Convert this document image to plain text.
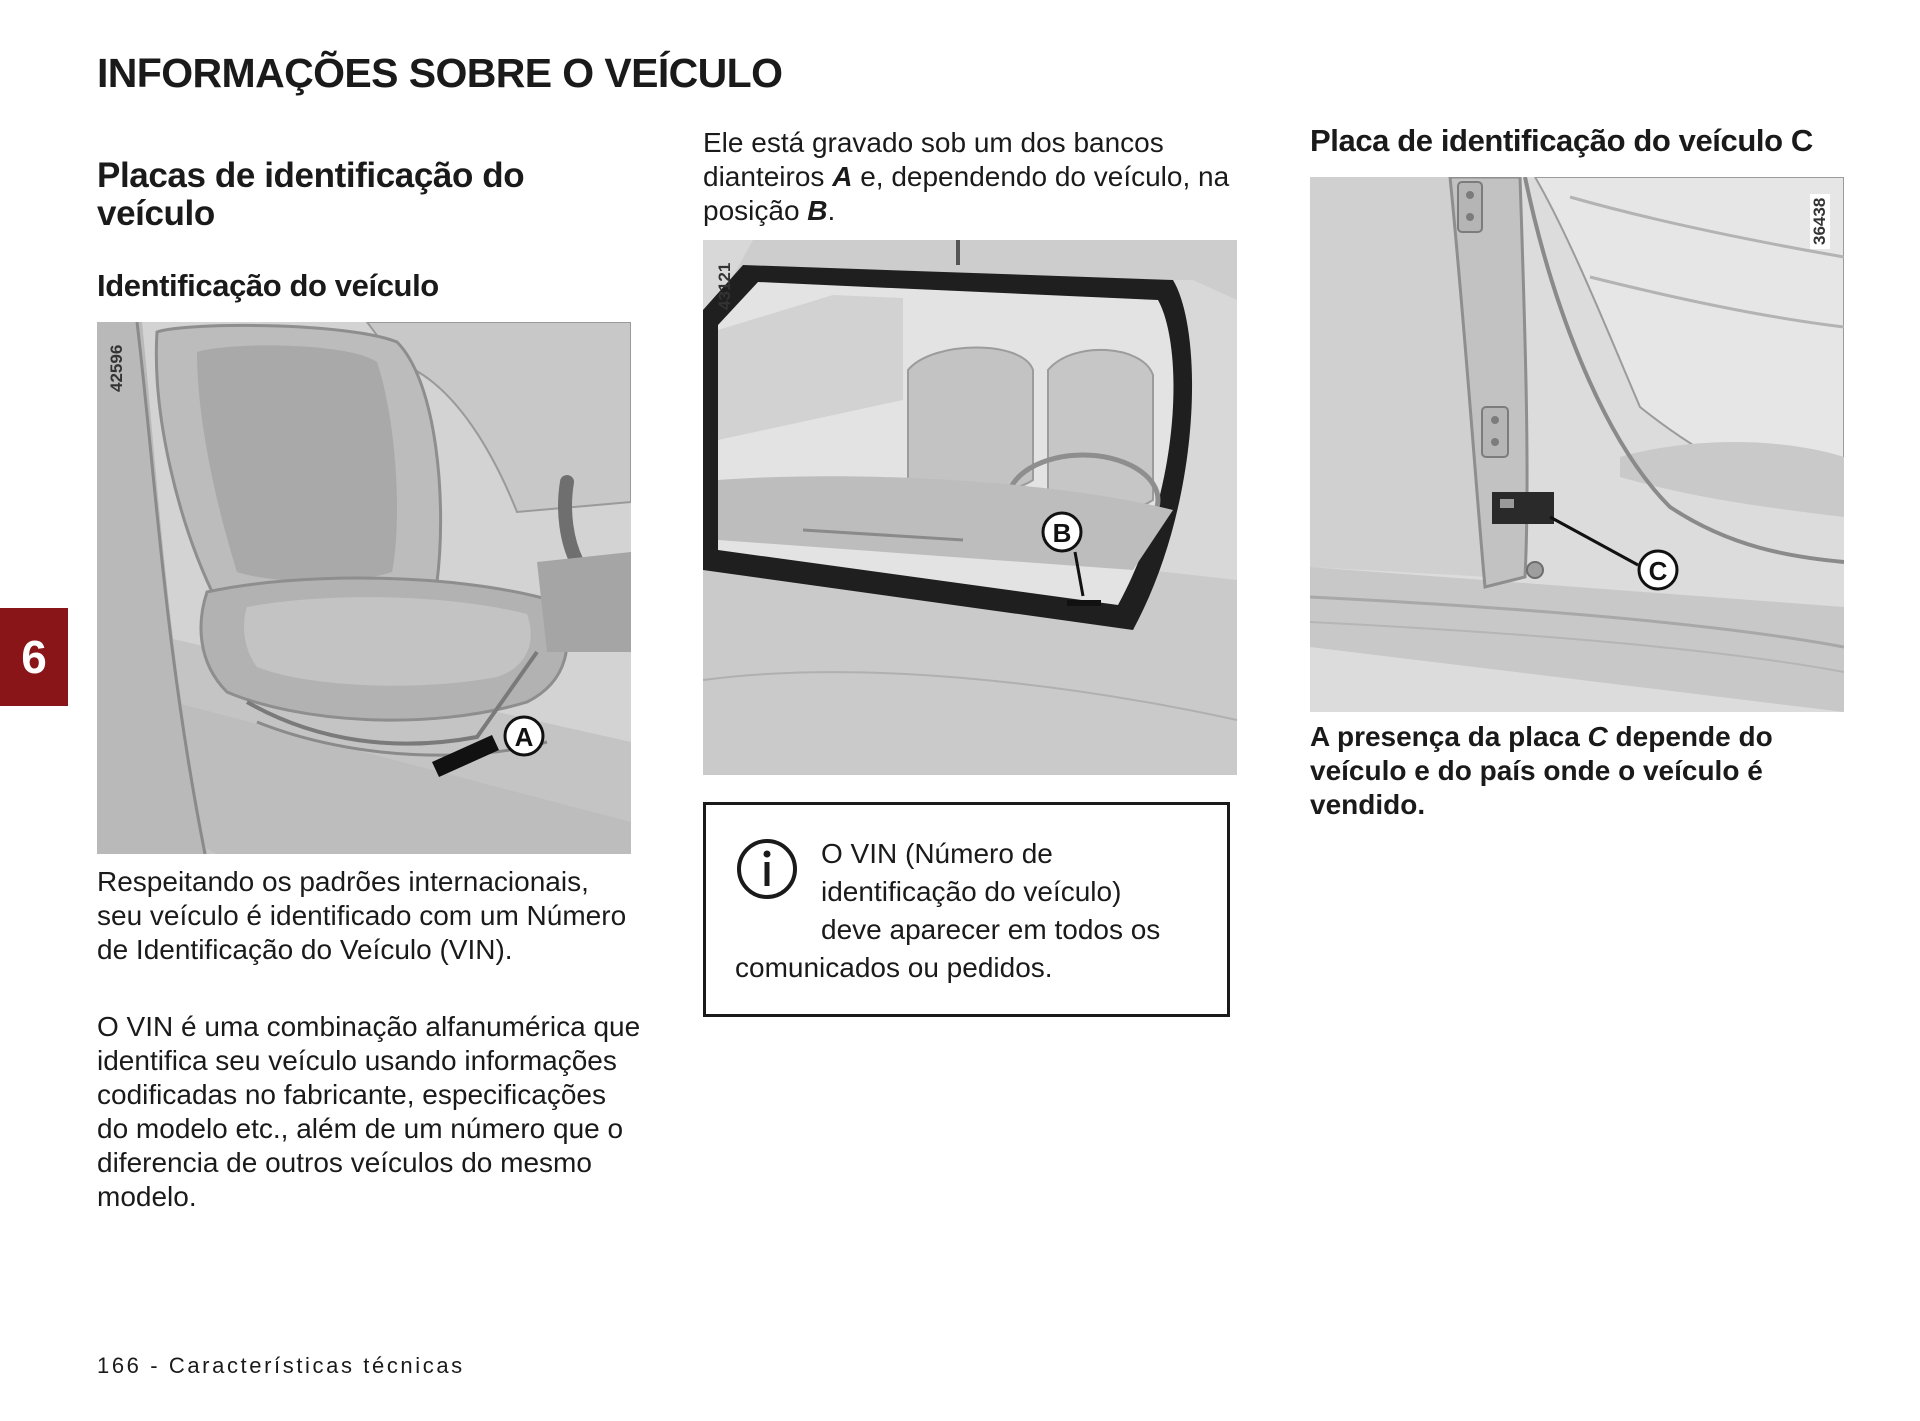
INFORMAÇÕES SOBRE O VEÍCULO
6
Placas de identificação do veículo
Identificação do veículo
A
42596

Respeitando os padrões internacionais, seu veículo é identificado com um Número de Identificação do Veículo (VIN).

O VIN é uma combinação alfanumérica que identifica seu veículo usando informações codificadas no fabricante, especificações do modelo etc., além de um número que o diferencia de outros veículos do mesmo modelo.

Ele está gravado sob um dos bancos dianteiros A e, dependendo do veículo, na posição B.

B
43121
O VIN (Número de
identificação do veículo)
deve aparecer em todos os
comunicados ou pedidos.
Placa de identificação do veículo C
C
36438

A presença da placa C depende do veículo e do país onde o veículo é vendido.

166 - Características técnicas
